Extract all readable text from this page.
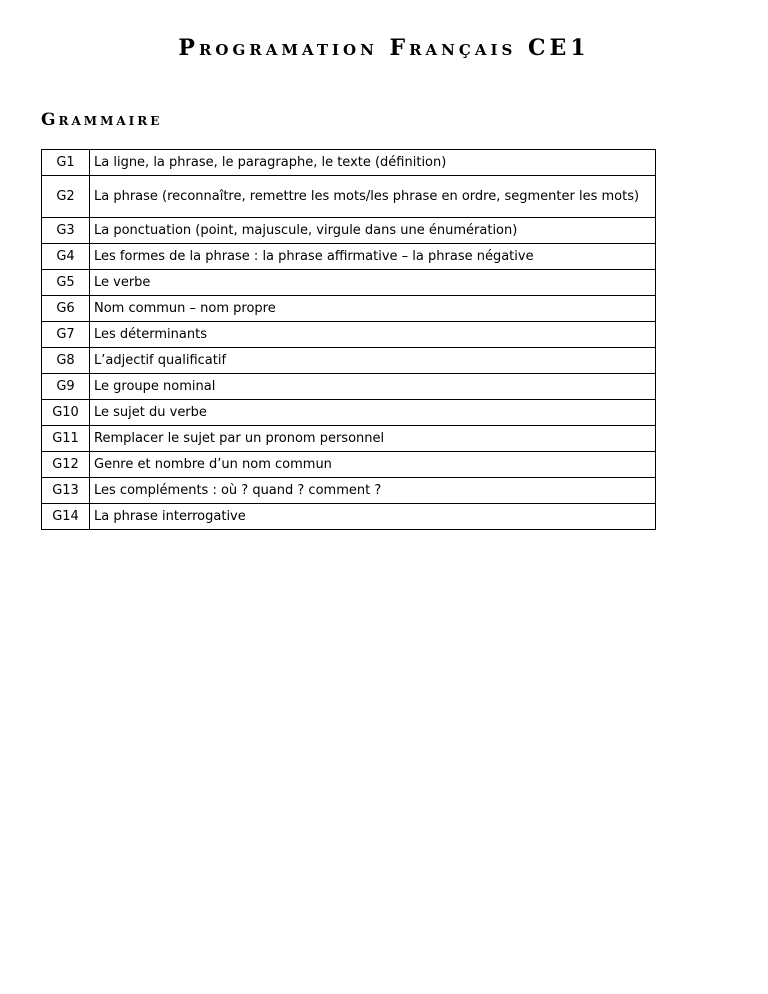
Programation Français CE1
Grammaire
G1	La ligne, la phrase, le paragraphe, le texte (définition)
G2	La phrase (reconnaître, remettre les mots/les phrase en ordre, segmenter les mots)
G3	La ponctuation (point, majuscule, virgule dans une énumération)
G4	Les formes de la phrase : la phrase affirmative – la phrase négative
G5	Le verbe
G6	Nom commun – nom propre
G7	Les déterminants
G8	L’adjectif qualificatif
G9	Le groupe nominal
G10	Le sujet du verbe
G11	Remplacer le sujet par un pronom personnel
G12	Genre et nombre d’un nom commun
G13	Les compléments : où ? quand ? comment ?
G14	La phrase interrogative
